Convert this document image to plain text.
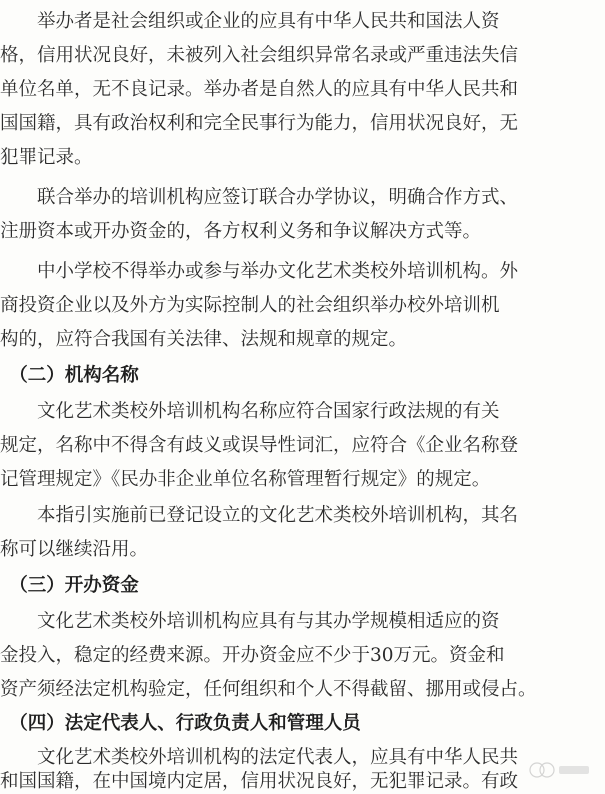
　　举办者是社会组织或企业的应具有中华人民共和国法人资
格，信用状况良好，未被列入社会组织异常名录或严重违法失信
单位名单，无不良记录。举办者是自然人的应具有中华人民共和
国国籍，具有政治权利和完全民事行为能力，信用状况良好，无
犯罪记录。
　　联合举办的培训机构应签订联合办学协议，明确合作方式、
注册资本或开办资金的，各方权利义务和争议解决方式等。
　　中小学校不得举办或参与举办文化艺术类校外培训机构。外
商投资企业以及外方为实际控制人的社会组织举办校外培训机
构的，应符合我国有关法律、法规和规章的规定。
　（二）机构名称
　　文化艺术类校外培训机构名称应符合国家行政法规的有关
规定，名称中不得含有歧义或误导性词汇，应符合《企业名称登
记管理规定》《民办非企业单位名称管理暂行规定》的规定。
　　本指引实施前已登记设立的文化艺术类校外培训机构，其名
称可以继续沿用。
　（三）开办资金
　　文化艺术类校外培训机构应具有与其办学规模相适应的资
金投入，稳定的经费来源。开办资金应不少于30万元。资金和
资产须经法定机构验定，任何组织和个人不得截留、挪用或侵占。
　（四）法定代表人、行政负责人和管理人员
　　文化艺术类校外培训机构的法定代表人，应具有中华人民共
和国国籍，在中国境内定居，信用状况良好，无犯罪记录。有政
